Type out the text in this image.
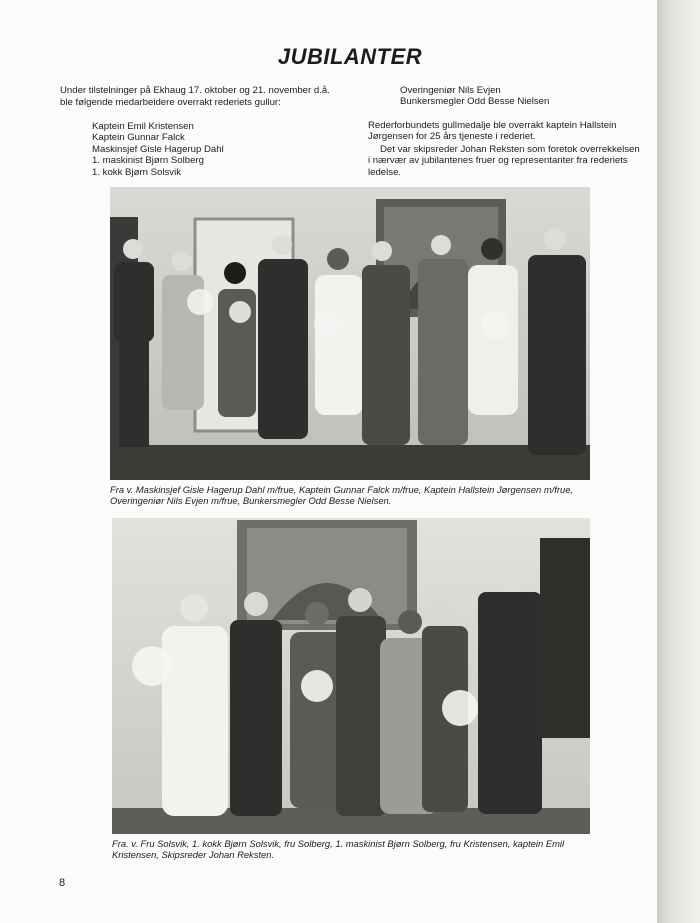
JUBILANTER

Under tilstelninger på Ekhaug 17. oktober og 21. november d.å. ble følgende medarbeidere overrakt rederiets gullur:

Kaptein Emil Kristensen
Kaptein Gunnar Falck
Maskinsjef Gisle Hagerup Dahl
1. maskinist Bjørn Solberg
1. kokk Bjørn Solsvik
Overingeniør Nils Evjen
Bunkersmegler Odd Besse Nielsen

Rederforbundets gullmedalje ble overrakt kaptein Hallstein Jørgensen for 25 års tjeneste i rederiet.

Det var skipsreder Johan Reksten som foretok overrekkelsen i nærvær av jubilantenes fruer og representanter fra rederiets ledelse.

Fra v. Maskinsjef Gisle Hagerup Dahl m/frue, Kaptein Gunnar Falck m/frue, Kaptein Hallstein Jørgensen m/frue, Overingeniør Nils Evjen m/frue, Bunkersmegler Odd Besse Nielsen.

Fra. v. Fru Solsvik, 1. kokk Bjørn Solsvik, fru Solberg, 1. maskinist Bjørn Solberg, fru Kristensen, kaptein Emil Kristensen, Skipsreder Johan Reksten.

8
